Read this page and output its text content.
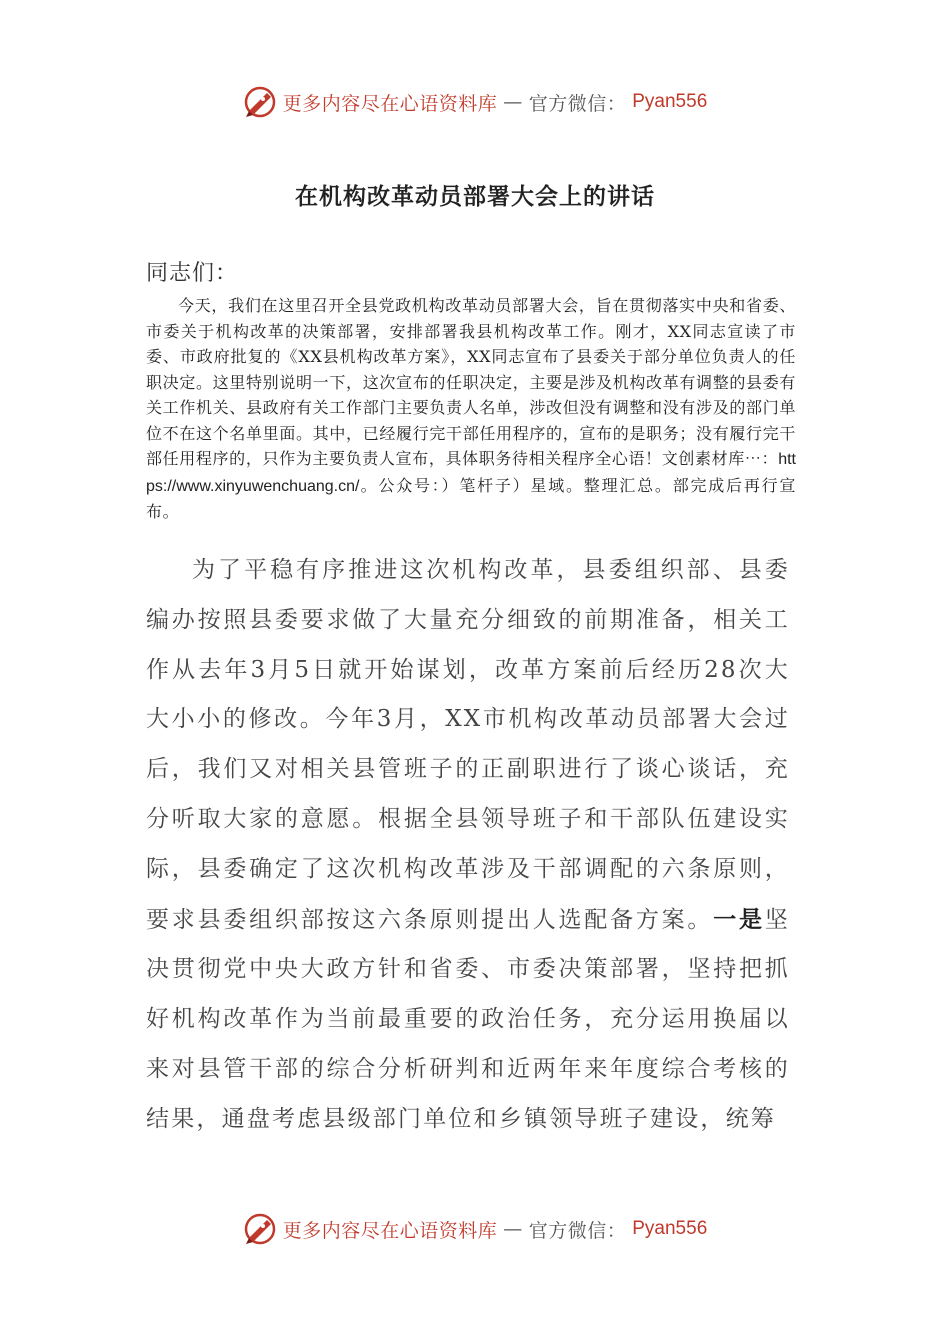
更多内容尽在心语资料库 — 官方微信： Pyan556
在机构改革动员部署大会上的讲话
同志们：
今天，我们在这里召开全县党政机构改革动员部署大会，旨在贯彻落实中央和省委、市委关于机构改革的决策部署，安排部署我县机构改革工作。刚才，XX同志宣读了市委、市政府批复的《XX县机构改革方案》，XX同志宣布了县委关于部分单位负责人的任职决定。这里特别说明一下，这次宣布的任职决定，主要是涉及机构改革有调整的县委有关工作机关、县政府有关工作部门主要负责人名单，涉改但没有调整和没有涉及的部门单位不在这个名单里面。其中，已经履行完干部任用程序的，宣布的是职务；没有履行完干部任用程序的，只作为主要负责人宣布，具体职务待相关程序全心语！文创素材库⋯：https://www.xinyuwenchuang.cn/。公众号：）笔杆子）星域。整理汇总。部完成后再行宣布。
为了平稳有序推进这次机构改革，县委组织部、县委编办按照县委要求做了大量充分细致的前期准备，相关工作从去年3月5日就开始谋划，改革方案前后经历28次大大小小的修改。今年3月，XX市机构改革动员部署大会过后，我们又对相关县管班子的正副职进行了谈心谈话，充分听取大家的意愿。根据全县领导班子和干部队伍建设实际，县委确定了这次机构改革涉及干部调配的六条原则，要求县委组织部按这六条原则提出人选配备方案。一是坚决贯彻党中央大政方针和省委、市委决策部署，坚持把抓好机构改革作为当前最重要的政治任务，充分运用换届以来对县管干部的综合分析研判和近两年来年度综合考核的结果，通盘考虑县级部门单位和乡镇领导班子建设，统筹
更多内容尽在心语资料库 — 官方微信： Pyan556
